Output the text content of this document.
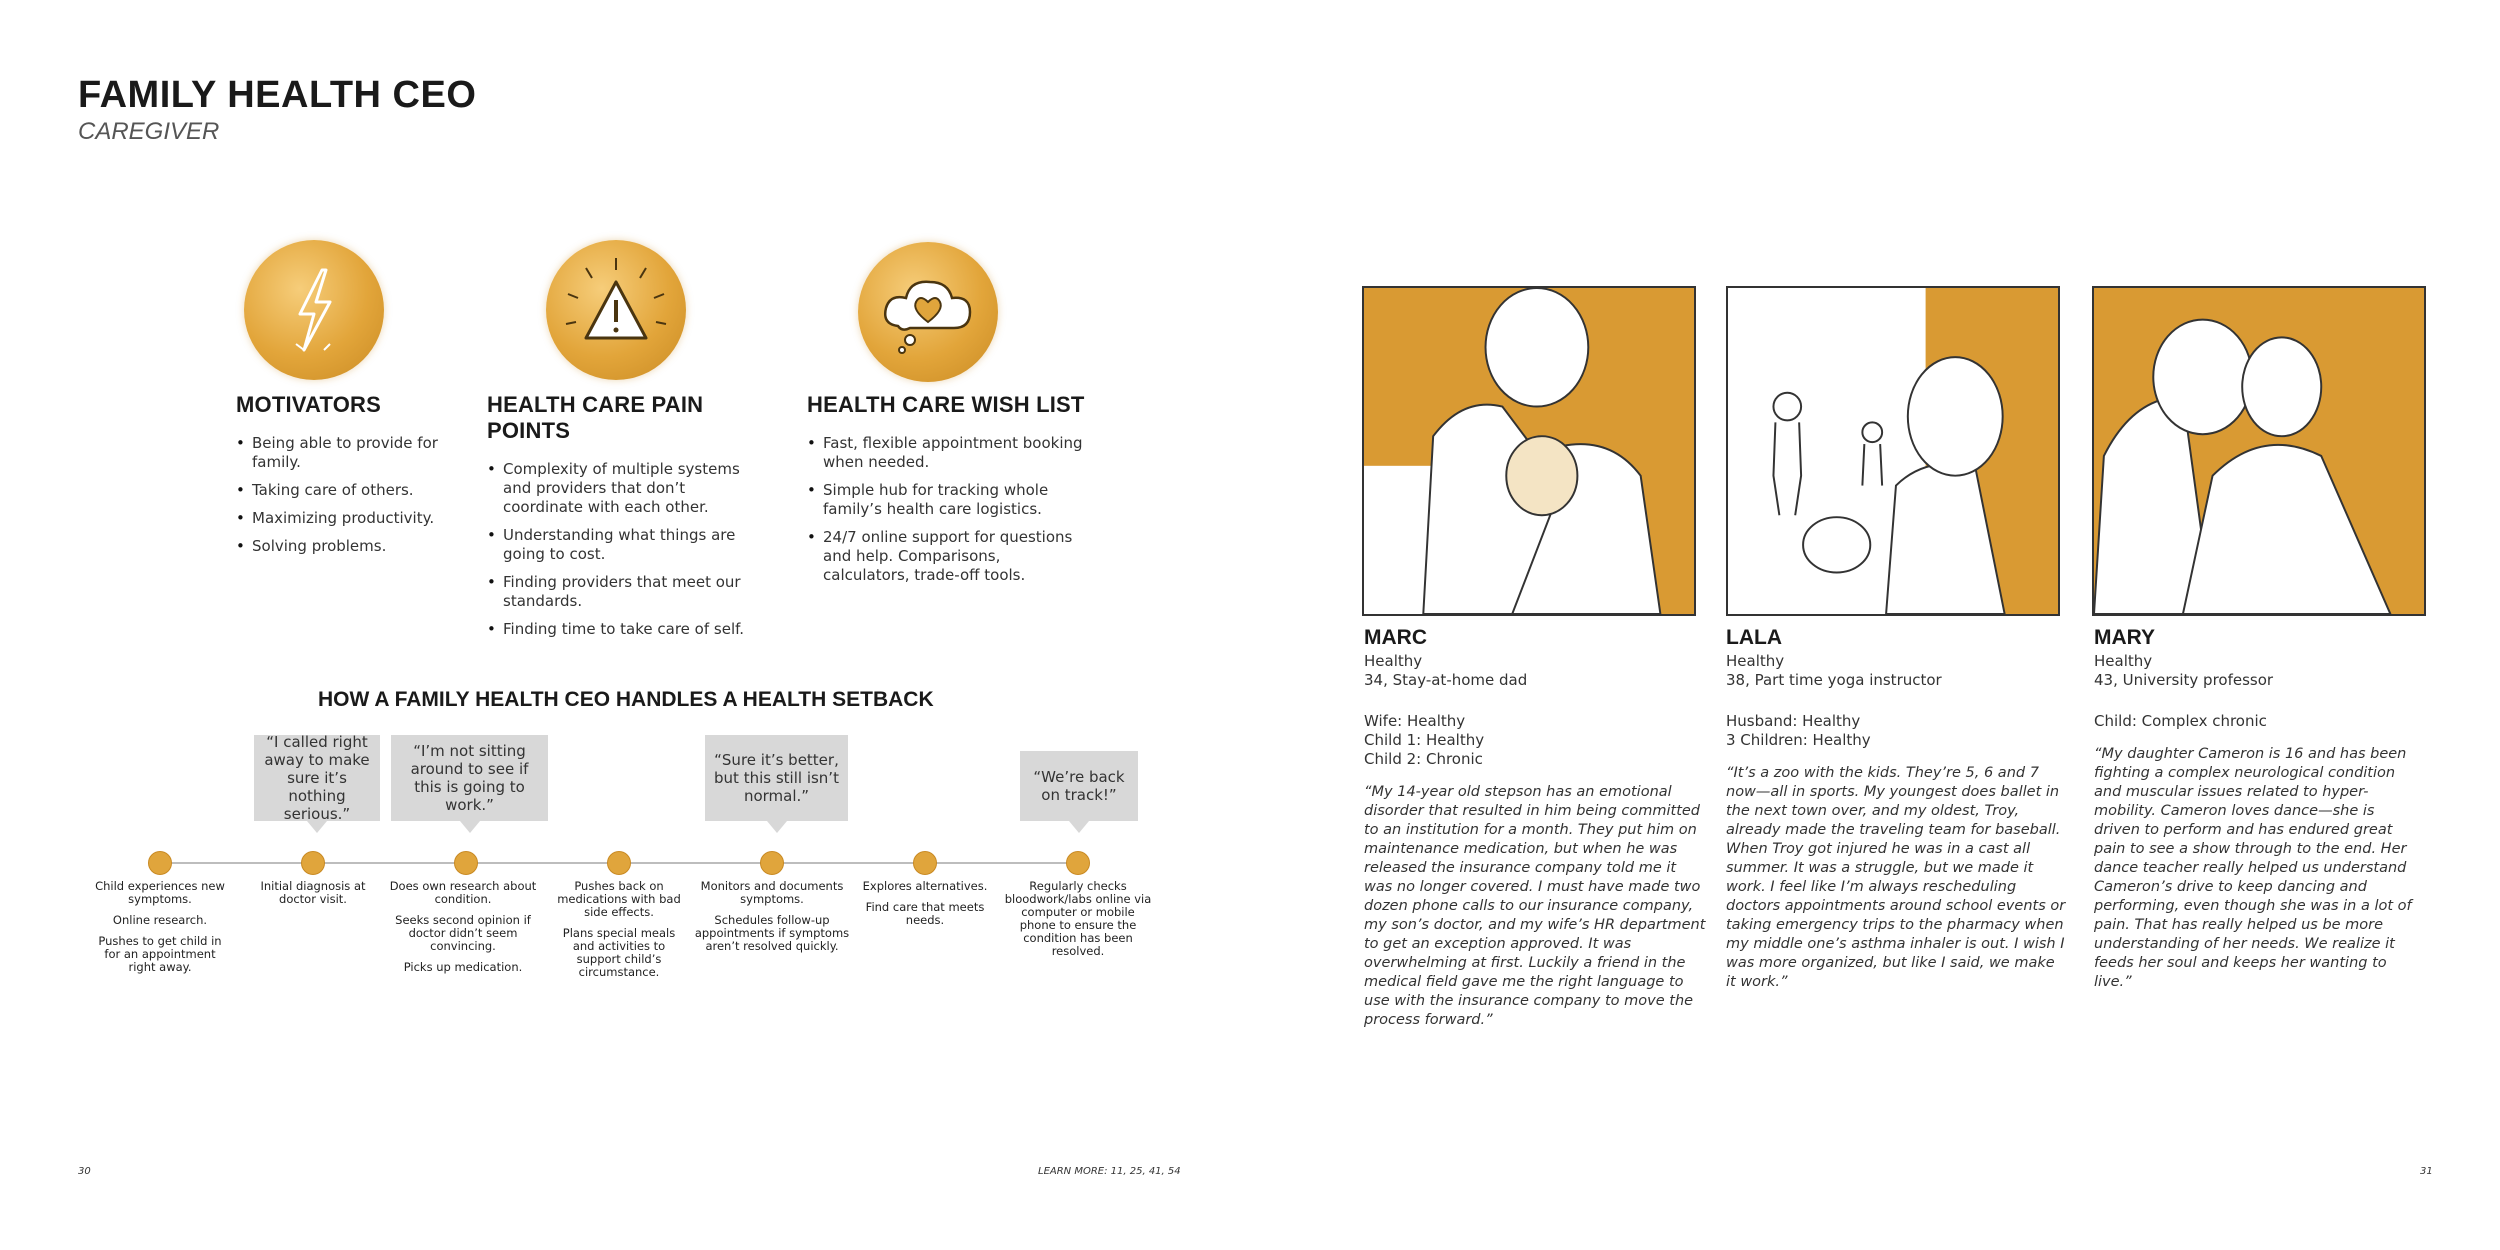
FAMILY HEALTH CEO
CAREGIVER
MOTIVATORS
• Being able to provide for family.
• Taking care of others.
• Maximizing productivity.
• Solving problems.
HEALTH CARE PAIN POINTS
• Complexity of multiple systems and providers that don’t coordinate with each other.
• Understanding what things are going to cost.
• Finding providers that meet our standards.
• Finding time to take care of self.
HEALTH CARE WISH LIST
• Fast, flexible appointment booking when needed.
• Simple hub for tracking whole family’s health care logistics.
• 24/7 online support for questions and help. Comparisons, calculators, trade-off tools.
HOW A FAMILY HEALTH CEO HANDLES A HEALTH SETBACK
“I called right away to make sure it’s nothing serious.”
“I’m not sitting around to see if this is going to work.”
“Sure it’s better, but this still isn’t normal.”
“We’re back on track!”

Child experiences new symptoms.

Online research.

Pushes to get child in for an appointment right away.

Initial diagnosis at doctor visit.

Does own research about condition.

Seeks second opinion if doctor didn’t seem convincing.

Picks up medication.

Pushes back on medications with bad side effects.

Plans special meals and activities to support child’s circumstance.

Monitors and documents symptoms.

Schedules follow-up appointments if symptoms aren’t resolved quickly.

Explores alternatives.

Find care that meets needs.

Regularly checks bloodwork/labs online via computer or mobile phone to ensure the condition has been resolved.

MARC
Healthy
34, Stay-at-home dad
Wife: Healthy
Child 1: Healthy
Child 2: Chronic
“My 14-year old stepson has an emotional disorder that resulted in him being committed to an institution for a month. They put him on maintenance medication, but when he was released the insurance company told me it was no longer covered. I must have made two dozen phone calls to our insurance company, my son’s doctor, and my wife’s HR department to get an exception approved. It was overwhelming at first. Luckily a friend in the medical field gave me the right language to use with the insurance company to move the process forward.”
LALA
Healthy
38, Part time yoga instructor
Husband: Healthy
3 Children: Healthy
“It’s a zoo with the kids. They’re 5, 6 and 7 now—all in sports. My youngest does ballet in the next town over, and my oldest, Troy, already made the traveling team for baseball. When Troy got injured he was in a cast all summer. It was a struggle, but we made it work. I feel like I’m always rescheduling doctors appointments around school events or taking emergency trips to the pharmacy when my middle one’s asthma inhaler is out. I wish I was more organized, but like I said, we make it work.”
MARY
Healthy
43, University professor
Child: Complex chronic
“My daughter Cameron is 16 and has been fighting a complex neurological condition and muscular issues related to hyper-mobility. Cameron loves dance—she is driven to perform and has endured great pain to see a show through to the end. Her dance teacher really helped us understand Cameron’s drive to keep dancing and performing, even though she was in a lot of pain. That has really helped us be more understanding of her needs. We realize it feeds her soul and keeps her wanting to live.”
30	LEARN MORE: 11, 25, 41, 54	31
